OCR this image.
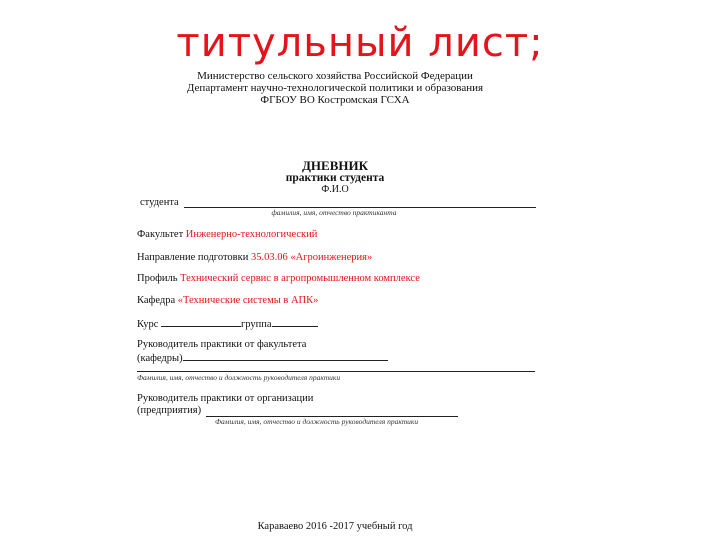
титульный лист;
Министерство сельского хозяйства Российской Федерации
Департамент научно-технологической политики и образования
ФГБОУ ВО Костромская ГСХА
ДНЕВНИК
практики студента
Ф.И.О
студента
фамилия, имя, отчество практиканта
Факультет Инженерно-технологический
Направление подготовки 35.03.06 «Агроинженерия»
Профиль Технический сервис в агропромышленном комплексе
Кафедра «Технические системы в АПК»
Курс	группа
Руководитель практики от факультета
(кафедры)
Фамилия, имя, отчество и должность руководителя практики
Руководитель практики от организации
(предприятия)
Фамилия, имя, отчество и должность руководителя практики
Караваево 2016 -2017 учебный год
